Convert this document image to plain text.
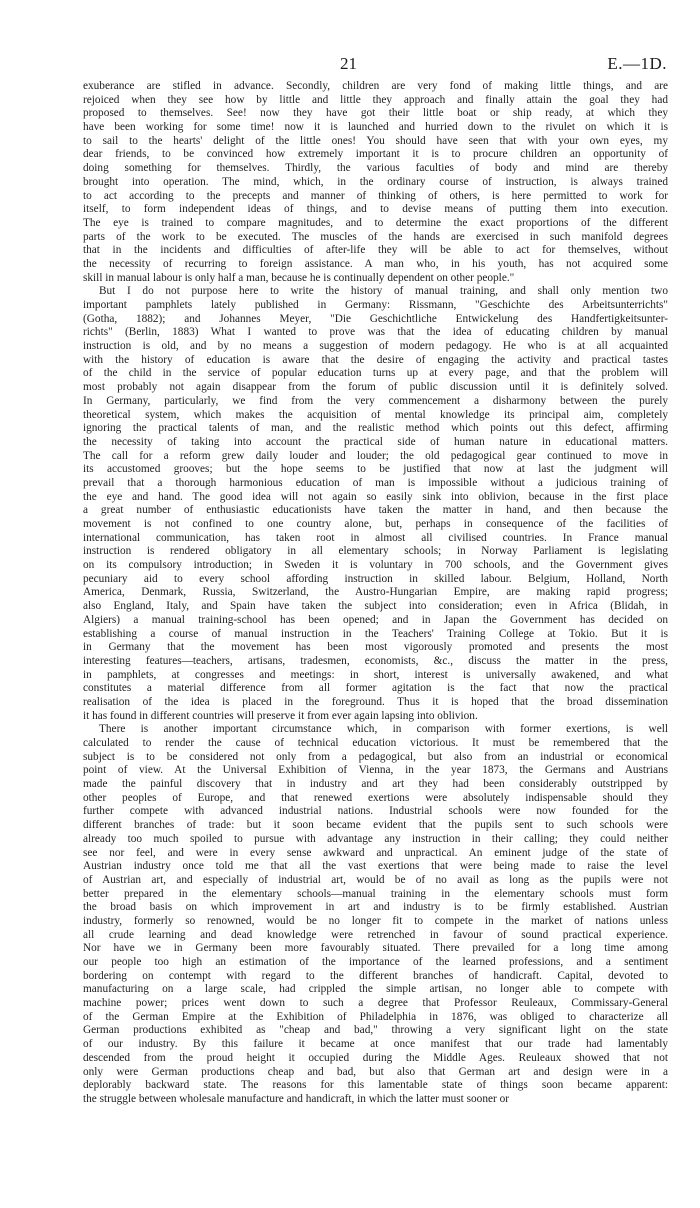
21	E.—1D.
exuberance are stifled in advance. Secondly, children are very fond of making little things, and are
rejoiced when they see how by little and little they approach and finally attain the goal they had
proposed to themselves. See! now they have got their little boat or ship ready, at which they
have been working for some time! now it is launched and hurried down to the rivulet on which it is
to sail to the hearts' delight of the little ones! You should have seen that with your own eyes, my
dear friends, to be convinced how extremely important it is to procure children an opportunity of
doing something for themselves. Thirdly, the various faculties of body and mind are thereby
brought into operation. The mind, which, in the ordinary course of instruction, is always trained
to act according to the precepts and manner of thinking of others, is here permitted to work for
itself, to form independent ideas of things, and to devise means of putting them into execution.
The eye is trained to compare magnitudes, and to determine the exact proportions of the different
parts of the work to be executed. The muscles of the hands are exercised in such manifold degrees
that in the incidents and difficulties of after-life they will be able to act for themselves, without
the necessity of recurring to foreign assistance. A man who, in his youth, has not acquired some
skill in manual labour is only half a man, because he is continually dependent on other people."
But I do not purpose here to write the history of manual training, and shall only mention two
important pamphlets lately published in Germany: Rissmann, "Geschichte des Arbeitsunterrichts"
(Gotha, 1882); and Johannes Meyer, "Die Geschichtliche Entwickelung des Handfertigkeitsunter-
richts" (Berlin, 1883) What I wanted to prove was that the idea of educating children by manual
instruction is old, and by no means a suggestion of modern pedagogy. He who is at all acquainted
with the history of education is aware that the desire of engaging the activity and practical tastes
of the child in the service of popular education turns up at every page, and that the problem will
most probably not again disappear from the forum of public discussion until it is definitely solved.
In Germany, particularly, we find from the very commencement a disharmony between the purely
theoretical system, which makes the acquisition of mental knowledge its principal aim, completely
ignoring the practical talents of man, and the realistic method which points out this defect, affirming
the necessity of taking into account the practical side of human nature in educational matters.
The call for a reform grew daily louder and louder; the old pedagogical gear continued to move in
its accustomed grooves; but the hope seems to be justified that now at last the judgment will
prevail that a thorough harmonious education of man is impossible without a judicious training of
the eye and hand. The good idea will not again so easily sink into oblivion, because in the first place
a great number of enthusiastic educationists have taken the matter in hand, and then because the
movement is not confined to one country alone, but, perhaps in consequence of the facilities of
international communication, has taken root in almost all civilised countries. In France manual
instruction is rendered obligatory in all elementary schools; in Norway Parliament is legislating
on its compulsory introduction; in Sweden it is voluntary in 700 schools, and the Government gives
pecuniary aid to every school affording instruction in skilled labour. Belgium, Holland, North
America, Denmark, Russia, Switzerland, the Austro-Hungarian Empire, are making rapid progress;
also England, Italy, and Spain have taken the subject into consideration; even in Africa (Blidah, in
Algiers) a manual training-school has been opened; and in Japan the Government has decided on
establishing a course of manual instruction in the Teachers' Training College at Tokio. But it is
in Germany that the movement has been most vigorously promoted and presents the most
interesting features—teachers, artisans, tradesmen, economists, &c., discuss the matter in the press,
in pamphlets, at congresses and meetings: in short, interest is universally awakened, and what
constitutes a material difference from all former agitation is the fact that now the practical
realisation of the idea is placed in the foreground. Thus it is hoped that the broad dissemination
it has found in different countries will preserve it from ever again lapsing into oblivion.
There is another important circumstance which, in comparison with former exertions, is well
calculated to render the cause of technical education victorious. It must be remembered that the
subject is to be considered not only from a pedagogical, but also from an industrial or economical
point of view. At the Universal Exhibition of Vienna, in the year 1873, the Germans and Austrians
made the painful discovery that in industry and art they had been considerably outstripped by
other peoples of Europe, and that renewed exertions were absolutely indispensable should they
further compete with advanced industrial nations. Industrial schools were now founded for the
different branches of trade: but it soon became evident that the pupils sent to such schools were
already too much spoiled to pursue with advantage any instruction in their calling; they could neither
see nor feel, and were in every sense awkward and unpractical. An eminent judge of the state of
Austrian industry once told me that all the vast exertions that were being made to raise the level
of Austrian art, and especially of industrial art, would be of no avail as long as the pupils were not
better prepared in the elementary schools—manual training in the elementary schools must form
the broad basis on which improvement in art and industry is to be firmly established. Austrian
industry, formerly so renowned, would be no longer fit to compete in the market of nations unless
all crude learning and dead knowledge were retrenched in favour of sound practical experience.
Nor have we in Germany been more favourably situated. There prevailed for a long time among
our people too high an estimation of the importance of the learned professions, and a sentiment
bordering on contempt with regard to the different branches of handicraft. Capital, devoted to
manufacturing on a large scale, had crippled the simple artisan, no longer able to compete with
machine power; prices went down to such a degree that Professor Reuleaux, Commissary-General
of the German Empire at the Exhibition of Philadelphia in 1876, was obliged to characterize all
German productions exhibited as "cheap and bad," throwing a very significant light on the state
of our industry. By this failure it became at once manifest that our trade had lamentably
descended from the proud height it occupied during the Middle Ages. Reuleaux showed that not
only were German productions cheap and bad, but also that German art and design were in a
deplorably backward state. The reasons for this lamentable state of things soon became apparent:
the struggle between wholesale manufacture and handicraft, in which the latter must sooner or
